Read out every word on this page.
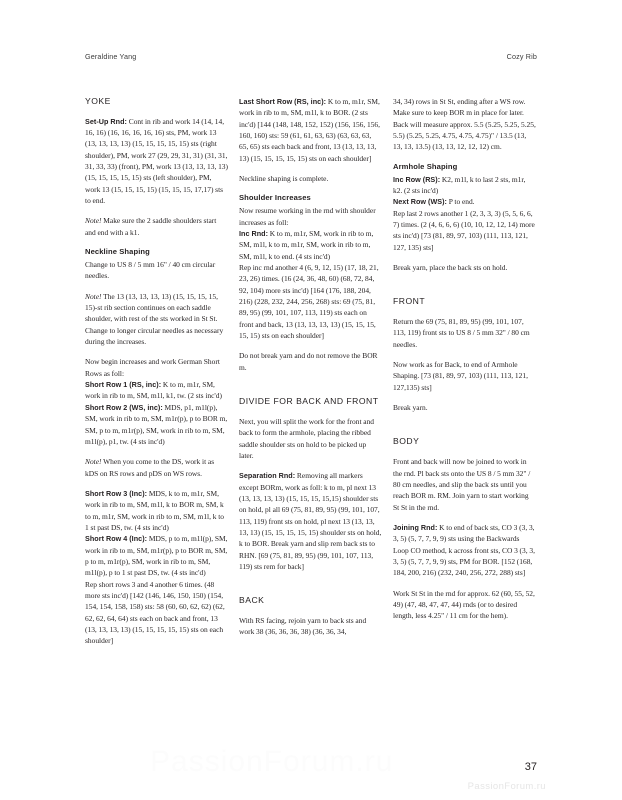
Geraldine Yang	Cozy Rib
YOKE

Set-Up Rnd: Cont in rib and work 14 (14, 14, 16, 16) (16, 16, 16, 16, 16) sts, PM, work 13 (13, 13, 13, 13) (15, 15, 15, 15, 15) sts (right shoulder), PM, work 27 (29, 29, 31, 31) (31, 31, 31, 33, 33) (front), PM, work 13 (13, 13, 13, 13) (15, 15, 15, 15, 15) sts (left shoulder), PM, work 13 (15, 15, 15, 15) (15, 15, 15, 17,17) sts to end.

Note! Make sure the 2 saddle shoulders start and end with a k1.

Neckline Shaping

Change to US 8 / 5 mm 16" / 40 cm circular needles.

Note! The 13 (13, 13, 13, 13) (15, 15, 15, 15, 15)-st rib section continues on each saddle shoulder, with rest of the sts worked in St St. Change to longer circular needles as necessary during the increases.

Now begin increases and work German Short Rows as foll:

Short Row 1 (RS, inc): K to m, m1r, SM, work in rib to m, SM, m1l, k1, tw. (2 sts inc'd)

Short Row 2 (WS, inc): MDS, p1, m1l(p), SM, work in rib to m, SM, m1r(p), p to BOR m, SM, p to m, m1r(p), SM, work in rib to m, SM, m1l(p), p1, tw. (4 sts inc'd)

Note! When you come to the DS, work it as kDS on RS rows and pDS on WS rows.

Short Row 3 (Inc): MDS, k to m, m1r, SM, work in rib to m, SM, m1l, k to BOR m, SM, k to m, m1r, SM, work in rib to m, SM, m1l, k to 1 st past DS, tw. (4 sts inc'd)

Short Row 4 (Inc): MDS, p to m, m1l(p), SM, work in rib to m, SM, m1r(p), p to BOR m, SM, p to m, m1r(p), SM, work in rib to m, SM, m1l(p), p to 1 st past DS, tw. (4 sts inc'd)

Rep short rows 3 and 4 another 6 times. (48 more sts inc'd) [142 (146, 146, 150, 150) (154, 154, 154, 158, 158) sts: 58 (60, 60, 62, 62) (62, 62, 62, 64, 64) sts each on back and front, 13 (13, 13, 13, 13) (15, 15, 15, 15, 15) sts on each shoulder]

Last Short Row (RS, inc): K to m, m1r, SM, work in rib to m, SM, m1l, k to BOR. (2 sts inc'd) [144 (148, 148, 152, 152) (156, 156, 156, 160, 160) sts: 59 (61, 61, 63, 63) (63, 63, 63, 65, 65) sts each back and front, 13 (13, 13, 13, 13) (15, 15, 15, 15, 15) sts on each shoulder]

Neckline shaping is complete.

Shoulder Increases

Now resume working in the rnd with shoulder increases as foll:

Inc Rnd: K to m, m1r, SM, work in rib to m, SM, m1l, k to m, m1r, SM, work in rib to m, SM, m1l, k to end. (4 sts inc'd)

Rep inc rnd another 4 (6, 9, 12, 15) (17, 18, 21, 23, 26) times. (16 (24, 36, 48, 60) (68, 72, 84, 92, 104) more sts inc'd) [164 (176, 188, 204, 216) (228, 232, 244, 256, 268) sts: 69 (75, 81, 89, 95) (99, 101, 107, 113, 119) sts each on front and back, 13 (13, 13, 13, 13) (15, 15, 15, 15, 15) sts on each shoulder]

Do not break yarn and do not remove the BOR m.

DIVIDE FOR BACK AND FRONT

Next, you will split the work for the front and back to form the armhole, placing the ribbed saddle shoulder sts on hold to be picked up later.

Separation Rnd: Removing all markers except BORm, work as foll: k to m, pl next 13 (13, 13, 13, 13) (15, 15, 15, 15,15) shoulder sts on hold, pl all 69 (75, 81, 89, 95) (99, 101, 107, 113, 119) front sts on hold, pl next 13 (13, 13, 13, 13) (15, 15, 15, 15, 15) shoulder sts on hold, k to BOR. Break yarn and slip rem back sts to RHN. [69 (75, 81, 89, 95) (99, 101, 107, 113, 119) sts rem for back]

BACK

With RS facing, rejoin yarn to back sts and work 38 (36, 36, 36, 38) (36, 36, 34,

34, 34) rows in St St, ending after a WS row. Make sure to keep BOR m in place for later. Back will measure approx. 5.5 (5.25, 5.25, 5.25, 5.5) (5.25, 5.25, 4.75, 4.75, 4.75)" / 13.5 (13, 13, 13, 13.5) (13, 13, 12, 12, 12) cm.

Armhole Shaping

Inc Row (RS): K2, m1l, k to last 2 sts, m1r, k2. (2 sts inc'd)

Next Row (WS): P to end.

Rep last 2 rows another 1 (2, 3, 3, 3) (5, 5, 6, 6, 7) times. (2 (4, 6, 6, 6) (10, 10, 12, 12, 14) more sts inc'd) [73 (81, 89, 97, 103) (111, 113, 121, 127, 135) sts]

Break yarn, place the back sts on hold.

FRONT

Return the 69 (75, 81, 89, 95) (99, 101, 107, 113, 119) front sts to US 8 / 5 mm 32" / 80 cm needles.

Now work as for Back, to end of Armhole Shaping. [73 (81, 89, 97, 103) (111, 113, 121, 127,135) sts]

Break yarn.

BODY

Front and back will now be joined to work in the rnd. Pl back sts onto the US 8 / 5 mm 32" / 80 cm needles, and slip the back sts until you reach BOR m. RM. Join yarn to start working St St in the rnd.

Joining Rnd: K to end of back sts, CO 3 (3, 3, 3, 5) (5, 7, 7, 9, 9) sts using the Backwards Loop CO method, k across front sts, CO 3 (3, 3, 3, 5) (5, 7, 7, 9, 9) sts, PM for BOR. [152 (168, 184, 200, 216) (232, 240, 256, 272, 288) sts]

Work St St in the rnd for approx. 62 (60, 55, 52, 49) (47, 48, 47, 47, 44) rnds (or to desired length, less 4.25" / 11 cm for the hem).

PassionForum.ru	37
PassionForum.ru
